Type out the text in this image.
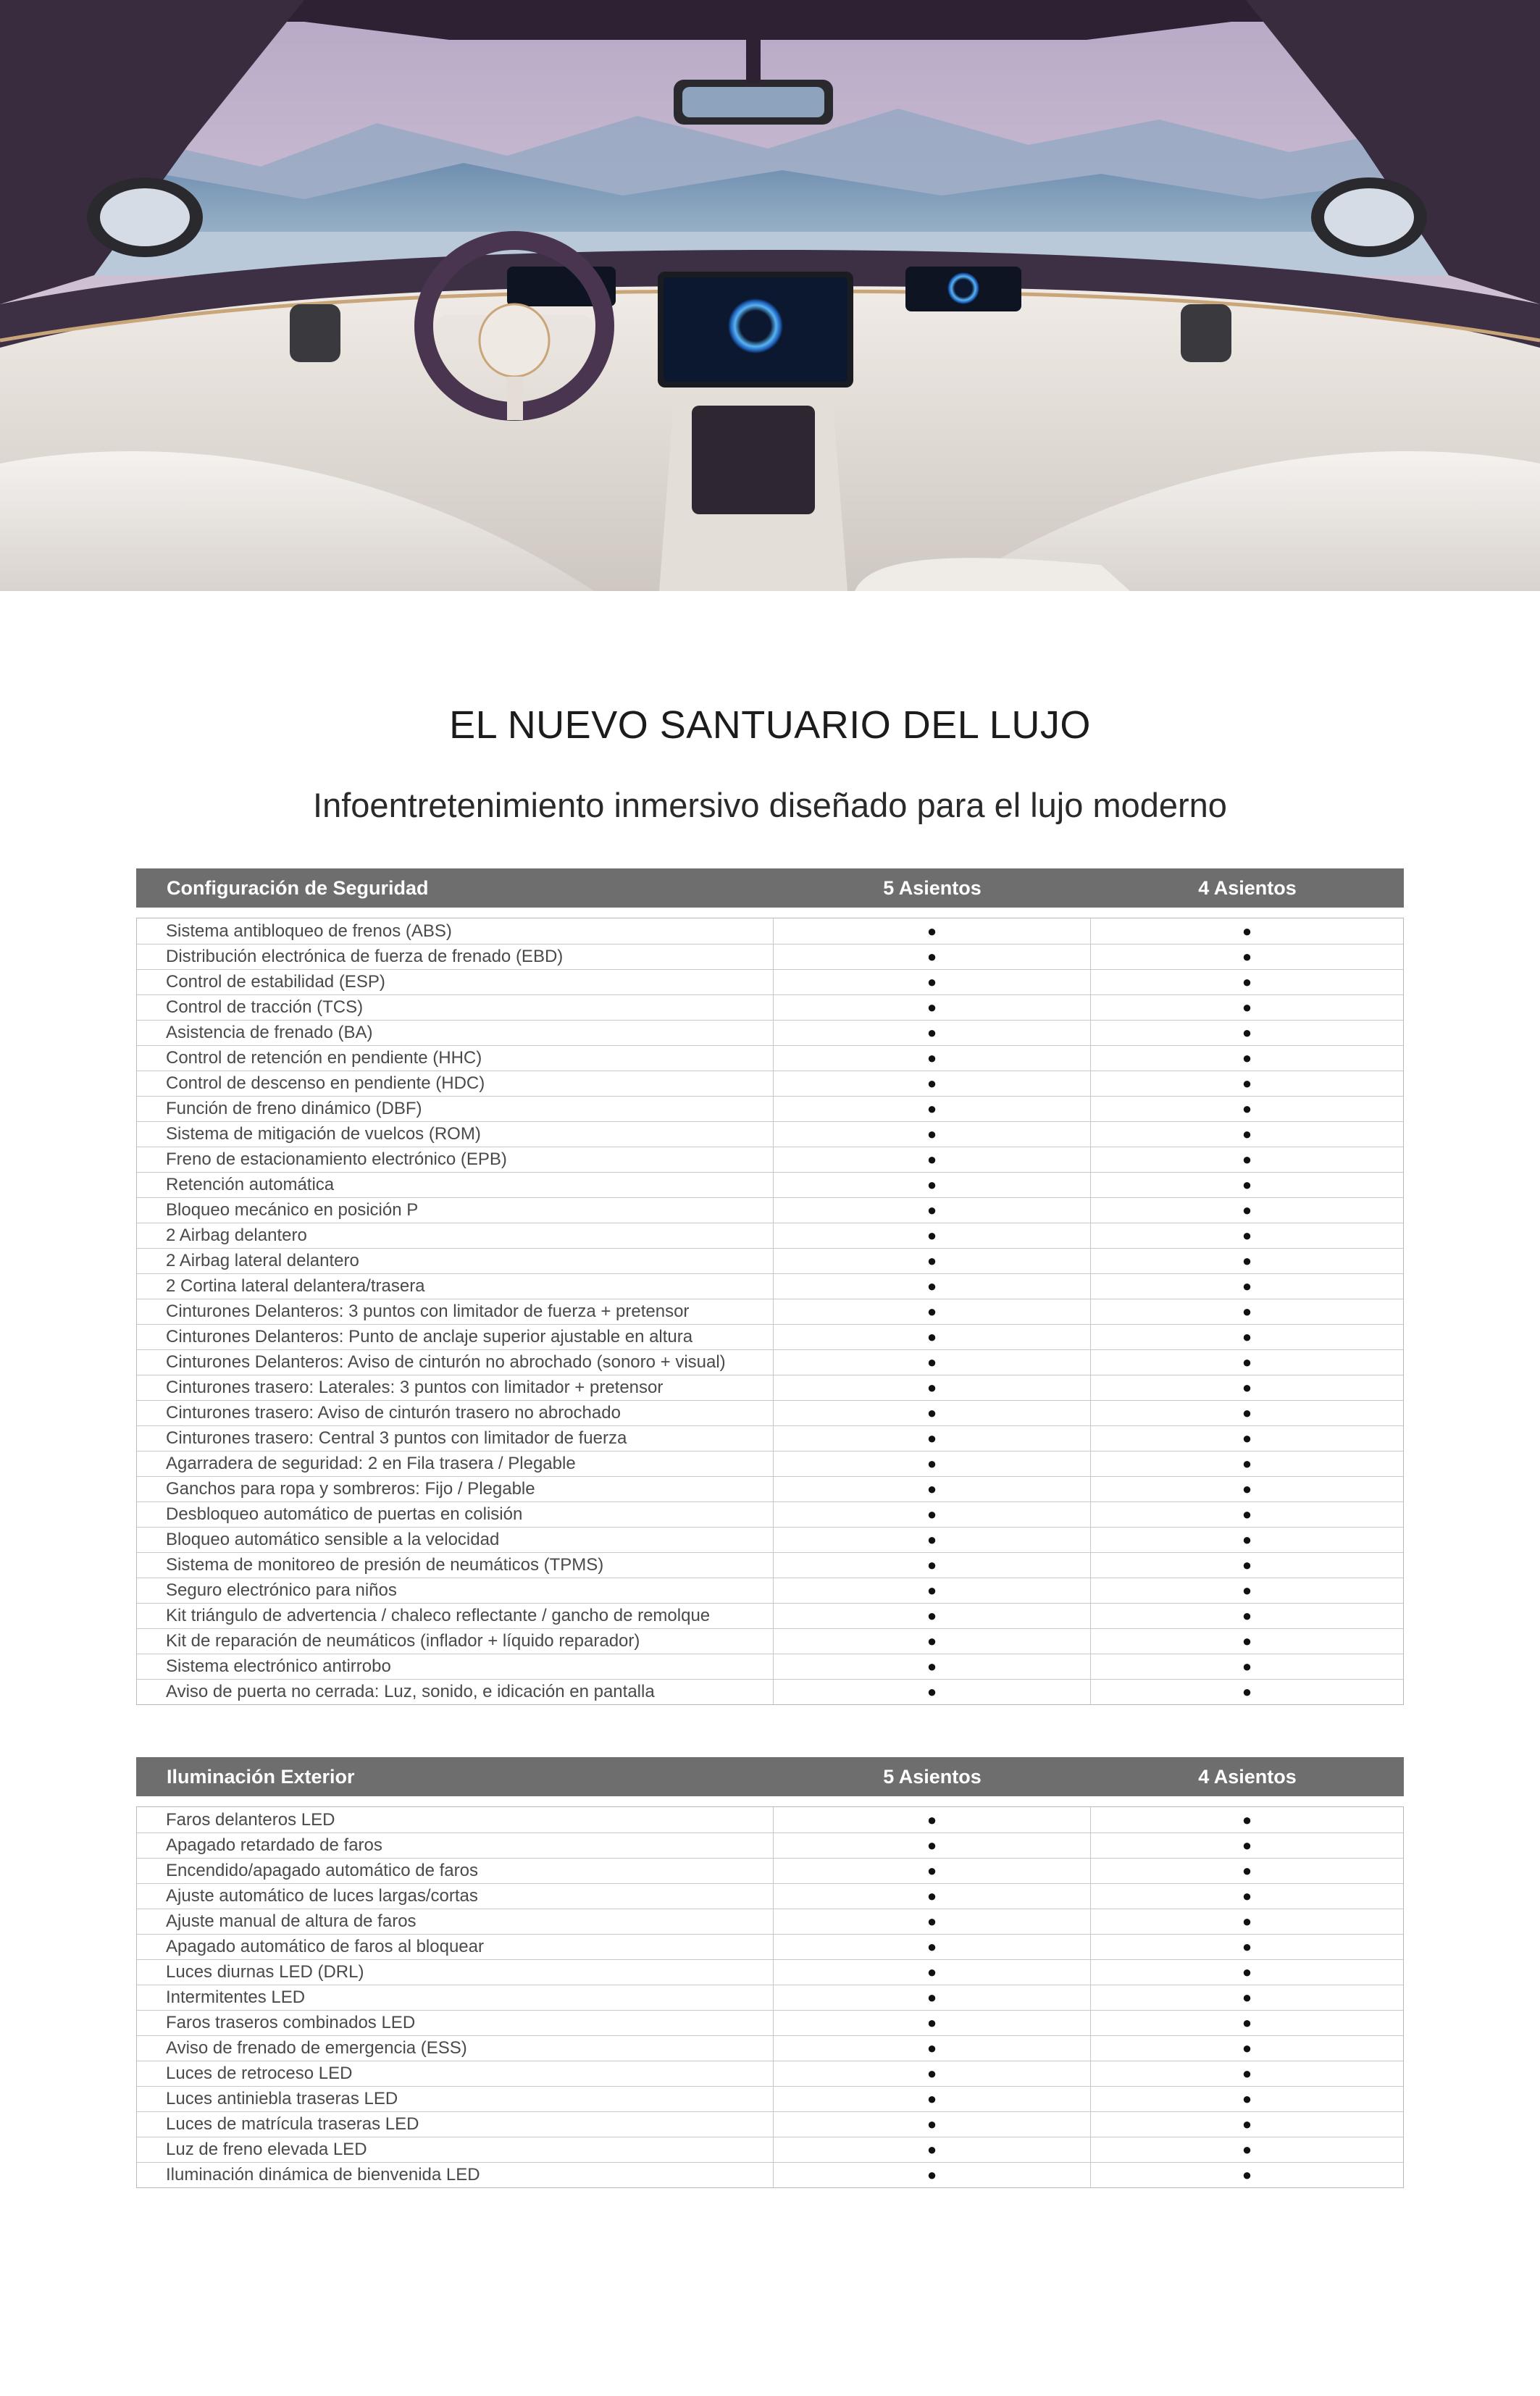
EL NUEVO SANTUARIO DEL LUJO
Infoentretenimiento inmersivo diseñado para el lujo moderno
Configuración de Seguridad	5 Asientos	4 Asientos
Sistema antibloqueo de frenos (ABS)	●	●
Distribución electrónica de fuerza de frenado (EBD)	●	●
Control de estabilidad (ESP)	●	●
Control de tracción (TCS)	●	●
Asistencia de frenado (BA)	●	●
Control de retención en pendiente (HHC)	●	●
Control de descenso en pendiente (HDC)	●	●
Función de freno dinámico (DBF)	●	●
Sistema de mitigación de vuelcos (ROM)	●	●
Freno de estacionamiento electrónico (EPB)	●	●
Retención automática	●	●
Bloqueo mecánico en posición P	●	●
2 Airbag delantero	●	●
2 Airbag lateral delantero	●	●
2 Cortina lateral delantera/trasera	●	●
Cinturones Delanteros: 3 puntos con limitador de fuerza + pretensor	●	●
Cinturones Delanteros: Punto de anclaje superior ajustable en altura	●	●
Cinturones Delanteros: Aviso de cinturón no abrochado (sonoro + visual)	●	●
Cinturones trasero: Laterales: 3 puntos con limitador + pretensor	●	●
Cinturones trasero: Aviso de cinturón trasero no abrochado	●	●
Cinturones trasero: Central 3 puntos con limitador de fuerza	●	●
Agarradera de seguridad: 2 en Fila trasera / Plegable	●	●
Ganchos para ropa y sombreros: Fijo / Plegable	●	●
Desbloqueo automático de puertas en colisión	●	●
Bloqueo automático sensible a la velocidad	●	●
Sistema de monitoreo de presión de neumáticos (TPMS)	●	●
Seguro electrónico para niños	●	●
Kit triángulo de advertencia / chaleco reflectante / gancho de remolque	●	●
Kit de reparación de neumáticos (inflador + líquido reparador)	●	●
Sistema electrónico antirrobo	●	●
Aviso de puerta no cerrada: Luz, sonido, e idicación en pantalla	●	●
Iluminación Exterior	5 Asientos	4 Asientos
Faros delanteros LED	●	●
Apagado retardado de faros	●	●
Encendido/apagado automático de faros	●	●
Ajuste automático de luces largas/cortas	●	●
Ajuste manual de altura de faros	●	●
Apagado automático de faros al bloquear	●	●
Luces diurnas LED (DRL)	●	●
Intermitentes LED	●	●
Faros traseros combinados LED	●	●
Aviso de frenado de emergencia (ESS)	●	●
Luces de retroceso LED	●	●
Luces antiniebla traseras LED	●	●
Luces de matrícula traseras LED	●	●
Luz de freno elevada LED	●	●
Iluminación dinámica de bienvenida LED	●	●
